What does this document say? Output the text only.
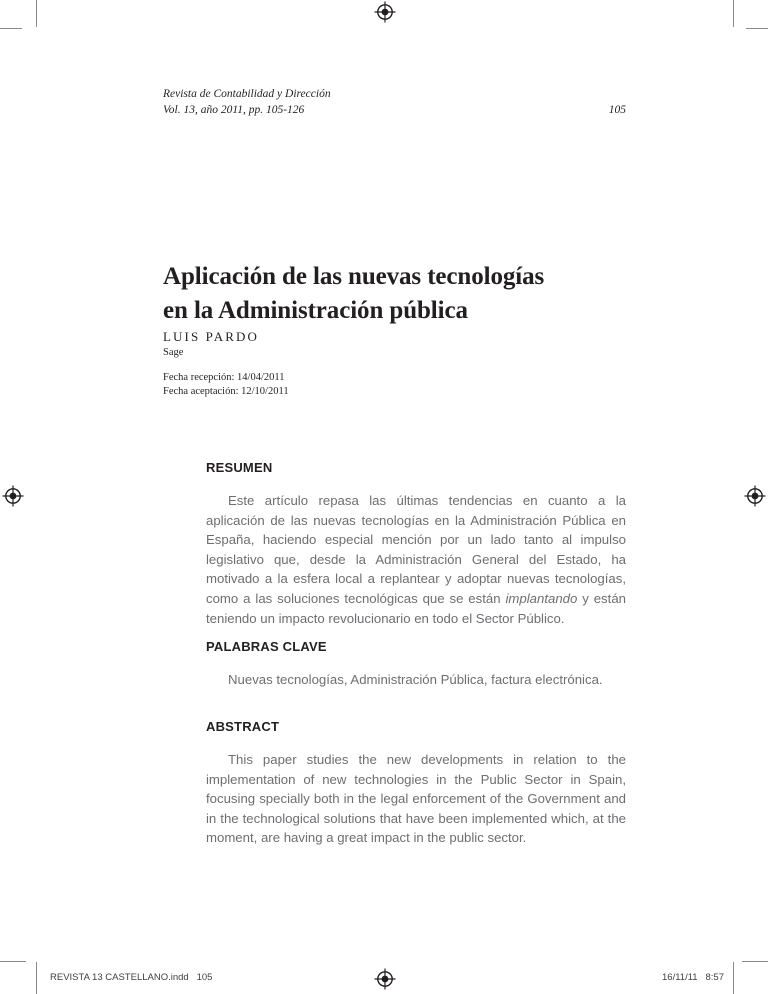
Revista de Contabilidad y Dirección
Vol. 13, año 2011, pp. 105-126	105
Aplicación de las nuevas tecnologías
en la Administración pública
LUIS PARDO
Sage
Fecha recepción: 14/04/2011
Fecha aceptación: 12/10/2011
RESUMEN

Este artículo repasa las últimas tendencias en cuanto a la aplicación de las nuevas tecnologías en la Administración Pública en España, haciendo especial mención por un lado tanto al impulso legislativo que, desde la Administración General del Estado, ha motivado a la esfera local a replantear y adoptar nuevas tecnologías, como a las soluciones tecnológicas que se están implantando y están teniendo un impacto revolucionario en todo el Sector Público.

PALABRAS CLAVE

Nuevas tecnologías, Administración Pública, factura electrónica.

ABSTRACT

This paper studies the new developments in relation to the implementation of new technologies in the Public Sector in Spain, focusing specially both in the legal enforcement of the Government and in the technological solutions that have been implemented which, at the moment, are having a great impact in the public sector.

REVISTA 13 CASTELLANO.indd   105	16/11/11   8:57
